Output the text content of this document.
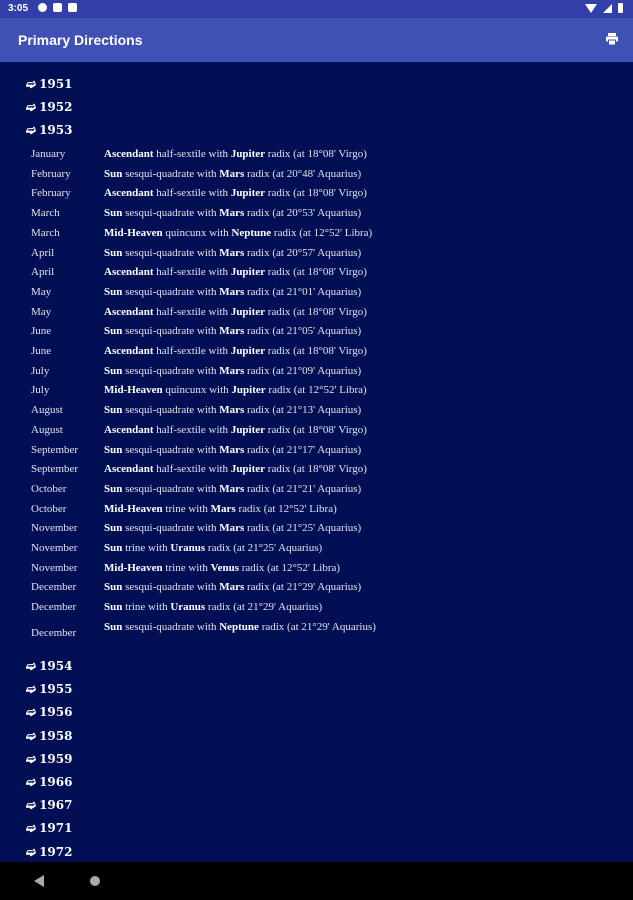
3:05
Primary Directions
➫ 1951
➫ 1952
➫ 1953
January	Ascendant half-sextile with Jupiter radix (at 18°08' Virgo)
February	Sun sesqui-quadrate with Mars radix (at 20°48' Aquarius)
February	Ascendant half-sextile with Jupiter radix (at 18°08' Virgo)
March	Sun sesqui-quadrate with Mars radix (at 20°53' Aquarius)
March	Mid-Heaven quincunx with Neptune radix (at 12°52' Libra)
April	Sun sesqui-quadrate with Mars radix (at 20°57' Aquarius)
April	Ascendant half-sextile with Jupiter radix (at 18°08' Virgo)
May	Sun sesqui-quadrate with Mars radix (at 21°01' Aquarius)
May	Ascendant half-sextile with Jupiter radix (at 18°08' Virgo)
June	Sun sesqui-quadrate with Mars radix (at 21°05' Aquarius)
June	Ascendant half-sextile with Jupiter radix (at 18°08' Virgo)
July	Sun sesqui-quadrate with Mars radix (at 21°09' Aquarius)
July	Mid-Heaven quincunx with Jupiter radix (at 12°52' Libra)
August	Sun sesqui-quadrate with Mars radix (at 21°13' Aquarius)
August	Ascendant half-sextile with Jupiter radix (at 18°08' Virgo)
September Sun sesqui-quadrate with Mars radix (at 21°17' Aquarius)
September Ascendant half-sextile with Jupiter radix (at 18°08' Virgo)
October	Sun sesqui-quadrate with Mars radix (at 21°21' Aquarius)
October	Mid-Heaven trine with Mars radix (at 12°52' Libra)
November Sun sesqui-quadrate with Mars radix (at 21°25' Aquarius)
November Sun trine with Uranus radix (at 21°25' Aquarius)
November Mid-Heaven trine with Venus radix (at 12°52' Libra)
December	Sun sesqui-quadrate with Mars radix (at 21°29' Aquarius)
December	Sun trine with Uranus radix (at 21°29' Aquarius)
December	Sun sesqui-quadrate with Neptune radix (at 21°29' Aquarius)
➫ 1954
➫ 1955
➫ 1956
➫ 1958
➫ 1959
➫ 1966
➫ 1967
➫ 1971
➫ 1972
